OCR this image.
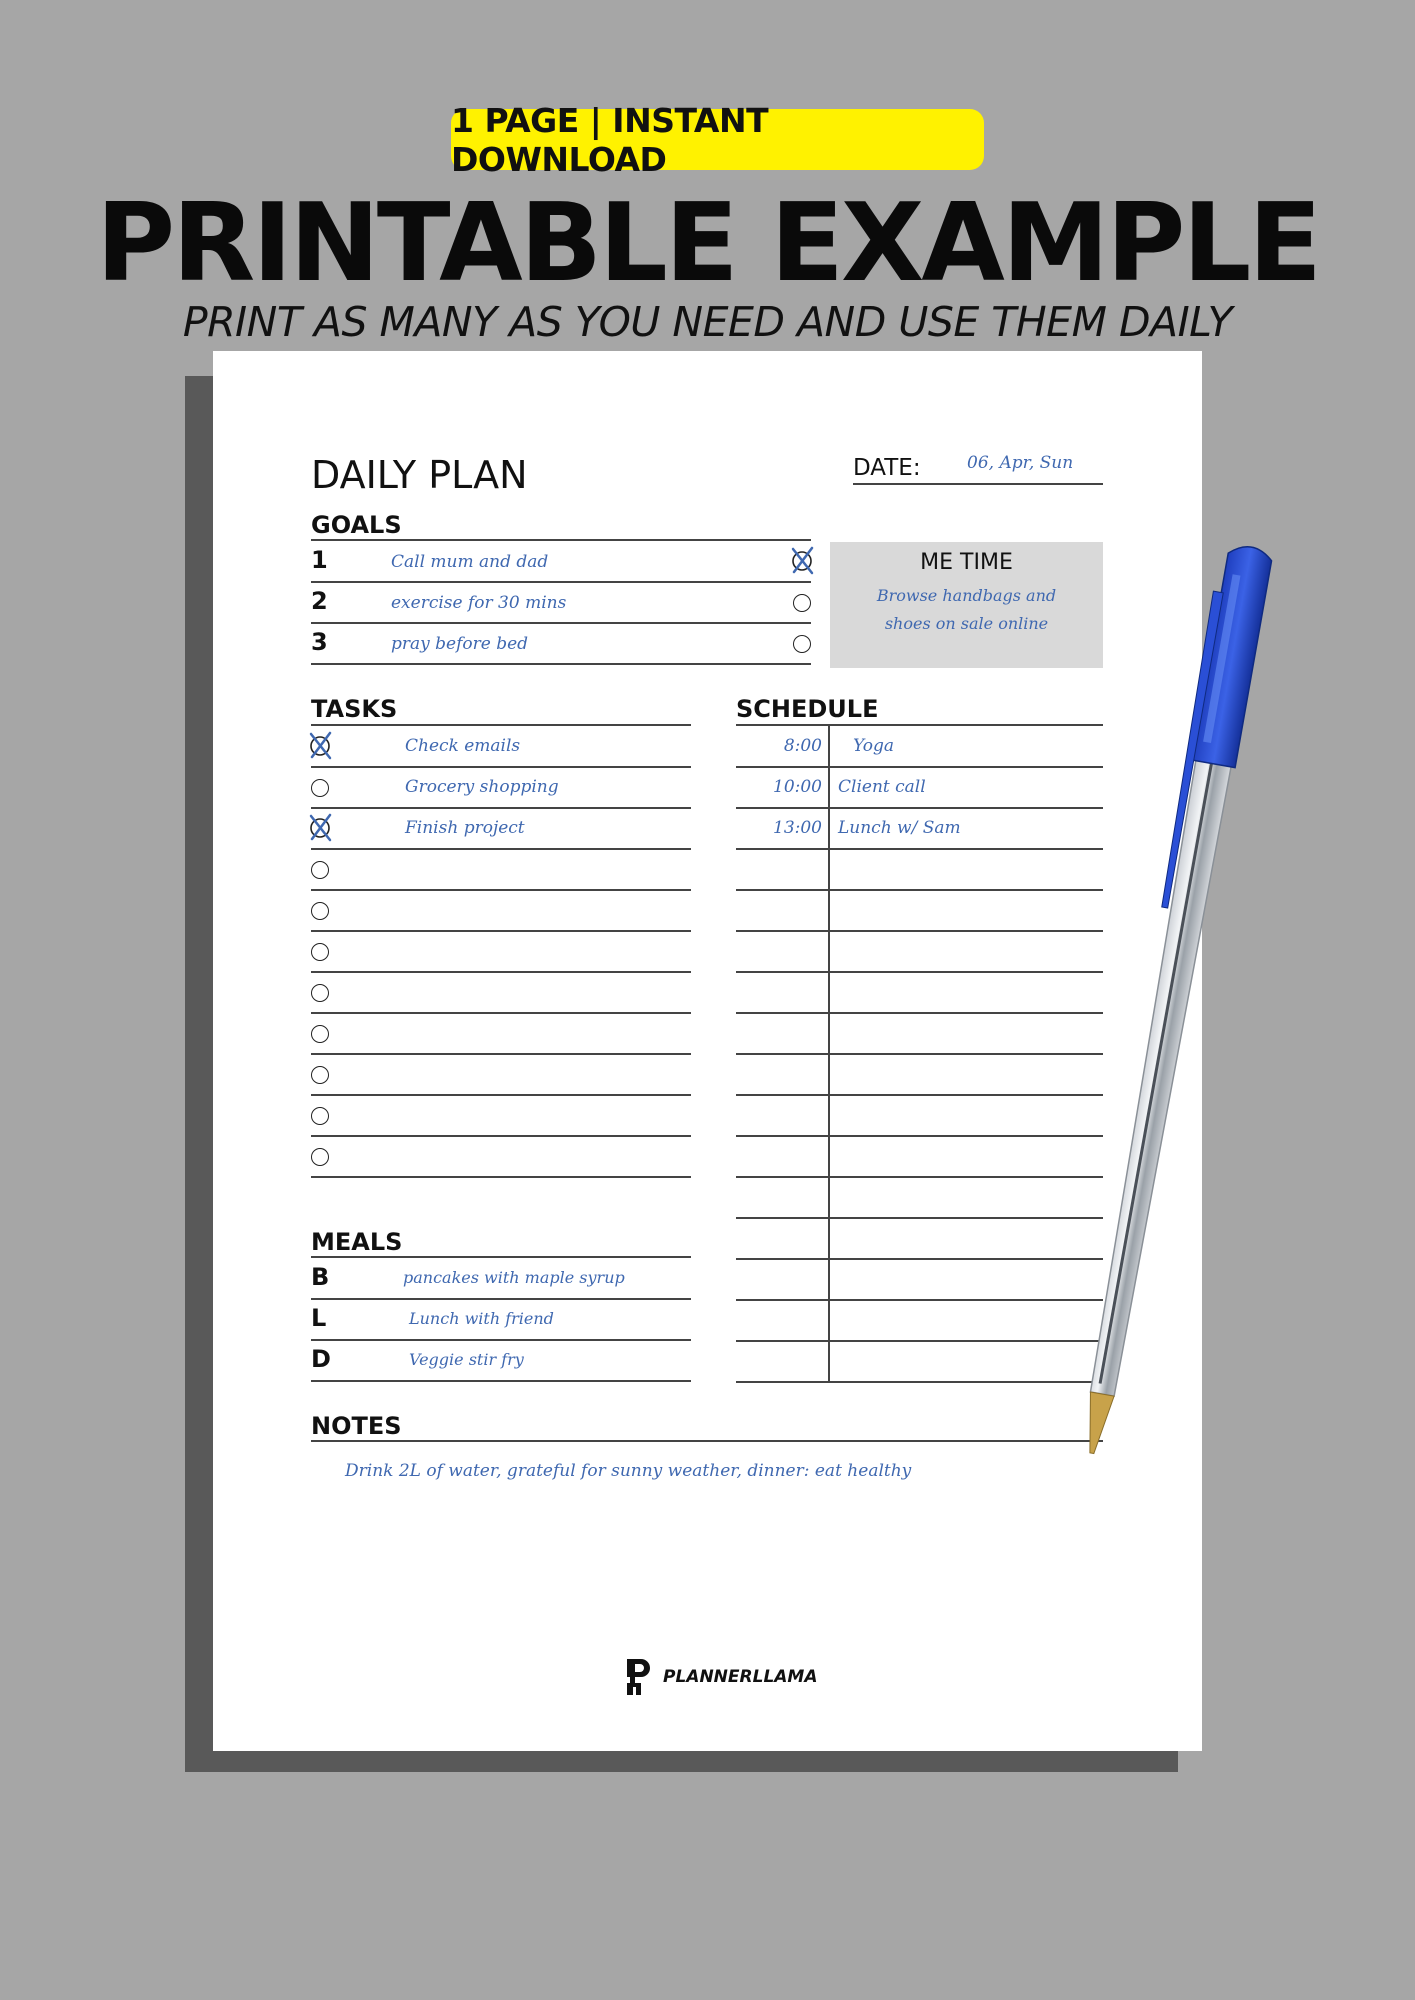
1 PAGE | INSTANT DOWNLOAD
PRINTABLE EXAMPLE
PRINT AS MANY AS YOU NEED AND USE THEM DAILY
DAILY PLAN	DATE:	06, Apr, Sun
GOALS
1	Call mum and dad
2	exercise for 30 mins
3	pray before bed
ME TIME
Browse handbags and
shoes on sale online
TASKS
Check emails
Grocery shopping
Finish project
SCHEDULE
8:00 Yoga
10:00 Client call
13:00 Lunch w/ Sam
MEALS
B	pancakes with maple syrup
L	Lunch with friend
D	Veggie stir fry
NOTES
Drink 2L of water, grateful for sunny weather, dinner: eat healthy
PLANNERLLAMA
